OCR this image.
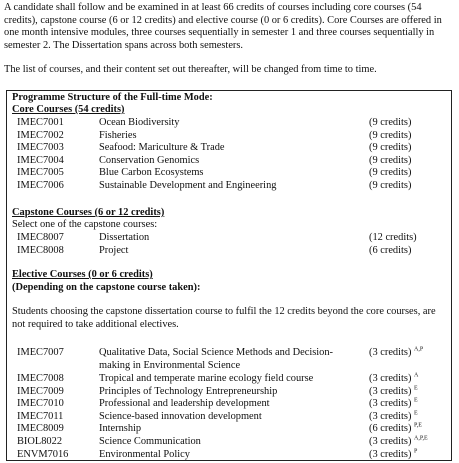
A candidate shall follow and be examined in at least 66 credits of courses including core courses (54 credits), capstone course (6 or 12 credits) and elective course (0 or 6 credits). Core Courses are offered in one month intensive modules, three courses sequentially in semester 1 and three courses sequentially in semester 2. The Dissertation spans across both semesters.

The list of courses, and their content set out thereafter, will be changed from time to time.

Programme Structure of the Full-time Mode:
Core Courses (54 credits)
IMEC7001	Ocean Biodiversity	(9 credits)
IMEC7002	Fisheries	(9 credits)
IMEC7003	Seafood: Mariculture & Trade	(9 credits)
IMEC7004	Conservation Genomics	(9 credits)
IMEC7005	Blue Carbon Ecosystems	(9 credits)
IMEC7006	Sustainable Development and Engineering	(9 credits)
Capstone Courses (6 or 12 credits)
Select one of the capstone courses:
IMEC8007	Dissertation	(12 credits)
IMEC8008	Project	(6 credits)
Elective Courses (0 or 6 credits)
(Depending on the capstone course taken):
Students choosing the capstone dissertation course to fulfil the 12 credits beyond the core courses, are not required to take additional electives.
IMEC7007	Qualitative Data, Social Science Methods and Decision-
making in Environmental Science
(3 credits) $^{A,P}$
IMEC7008	Tropical and temperate marine ecology field course	(3 credits) $^A$
IMEC7009	Principles of Technology Entrepreneurship	(3 credits) $^E$
IMEC7010	Professional and leadership development	(3 credits) $^E$
IMEC7011	Science-based innovation development	(3 credits) $^E$
IMEC8009	Internship	(6 credits) $^{P,E}$
BIOL8022	Science Communication	(3 credits) $^{A,P,E}$
ENVM7016	Environmental Policy	(3 credits) $^P$
